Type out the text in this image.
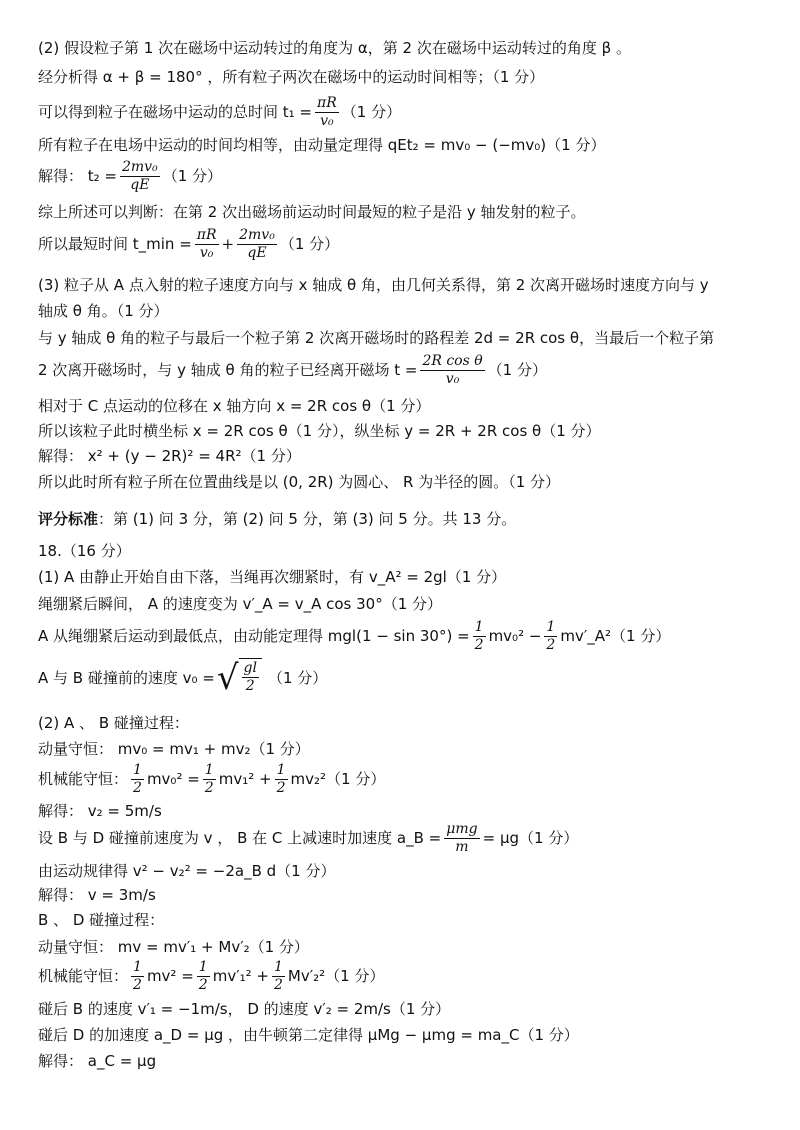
(2) 假设粒子第 1 次在磁场中运动转过的角度为 α，第 2 次在磁场中运动转过的角度 β 。
经分析得 α + β = 180° ，所有粒子两次在磁场中的运动时间相等；（1 分）
可以得到粒子在磁场中运动的总时间 $t_1 = \frac{\pi R}{\text{v₀}} (1$ 分）
所有粒子在电场中运动的时间均相等，由动量定理得 qEt₂ = mv₀ − (−mv₀)（1 分）
解得： $t_2 = \frac{\text{2mv₀}}{qE} (1$ 分）
综上所述可以判断：在第 2 次出磁场前运动时间最短的粒子是沿 y 轴发射的粒子。
所以最短时间 t_min = $\frac{\pi R}{\text{v₀}} + \frac{\text{2mv₀}}{qE} (1$ 分）
(3) 粒子从 A 点入射的粒子速度方向与 x 轴成 θ 角，由几何关系得，第 2 次离开磁场时速度方向与 y
轴成 θ 角。（1 分）
与 y 轴成 θ 角的粒子与最后一个粒子第 2 次离开磁场时的路程差 2d = 2R cos θ，当最后一个粒子第
2 次离开磁场时，与 y 轴成 θ 角的粒子已经离开磁场 $t = \frac{\text{2R cos θ}}{\text{v₀}} (1$ 分）
相对于 C 点运动的位移在 x 轴方向 x = 2R cos θ（1 分）
所以该粒子此时横坐标 x = 2R cos θ（1 分），纵坐标 y = 2R + 2R cos θ（1 分）
解得： x² + (y − 2R)² = 4R²（1 分）
所以此时所有粒子所在位置曲线是以 (0, 2R) 为圆心、 R 为半径的圆。（1 分）
评分标准 ：第 (1) 问 3 分，第 (2) 问 5 分，第 (3) 问 5 分。共 13 分。
18.（16 分）
(1) A 由静止开始自由下落，当绳再次绷紧时，有 v_A² = 2gl（1 分）
绳绷紧后瞬间， A 的速度变为 v′_A = v_A cos 30°（1 分）
A 从绳绷紧后运动到最低点，由动能定理得 $mgl(1 - \sin 30^\circ) = \frac{1}{2} mv_0^2 - \frac{1}{2}$ mv′_A²（1 分）
A 与 B 碰撞前的速度 v₀ = √ $\frac{gl}{2} (1$ 分）
(2) A 、 B 碰撞过程：
动量守恒： mv₀ = mv₁ + mv₂（1 分）
机械能守恒： $\frac{1}{2} mv_0^2 = \frac{1}{2} mv_1^2 + \frac{1}{2} mv_2^2(1$ 分）
解得： v₂ = 5m/s
设 B 与 D 碰撞前速度为 v ， B 在 C 上减速时加速度 a_B = $\frac{\text{μmg}}{m} = \mu g(1$ 分）
由运动规律得 v² − v₂² = −2a_B d（1 分）
解得： v = 3m/s
B 、 D 碰撞过程：
动量守恒： mv = mv′₁ + Mv′₂（1 分）
机械能守恒： $\frac{1}{2} mv^2 = \frac{1}{2} mv'_1^2 + \frac{1}{2} Mv'_2^2(1$ 分）
碰后 B 的速度 v′₁ = −1m/s， D 的速度 v′₂ = 2m/s（1 分）
碰后 D 的加速度 a_D = μg ，由牛顿第二定律得 μMg − μmg = ma_C（1 分）
解得： a_C = μg
